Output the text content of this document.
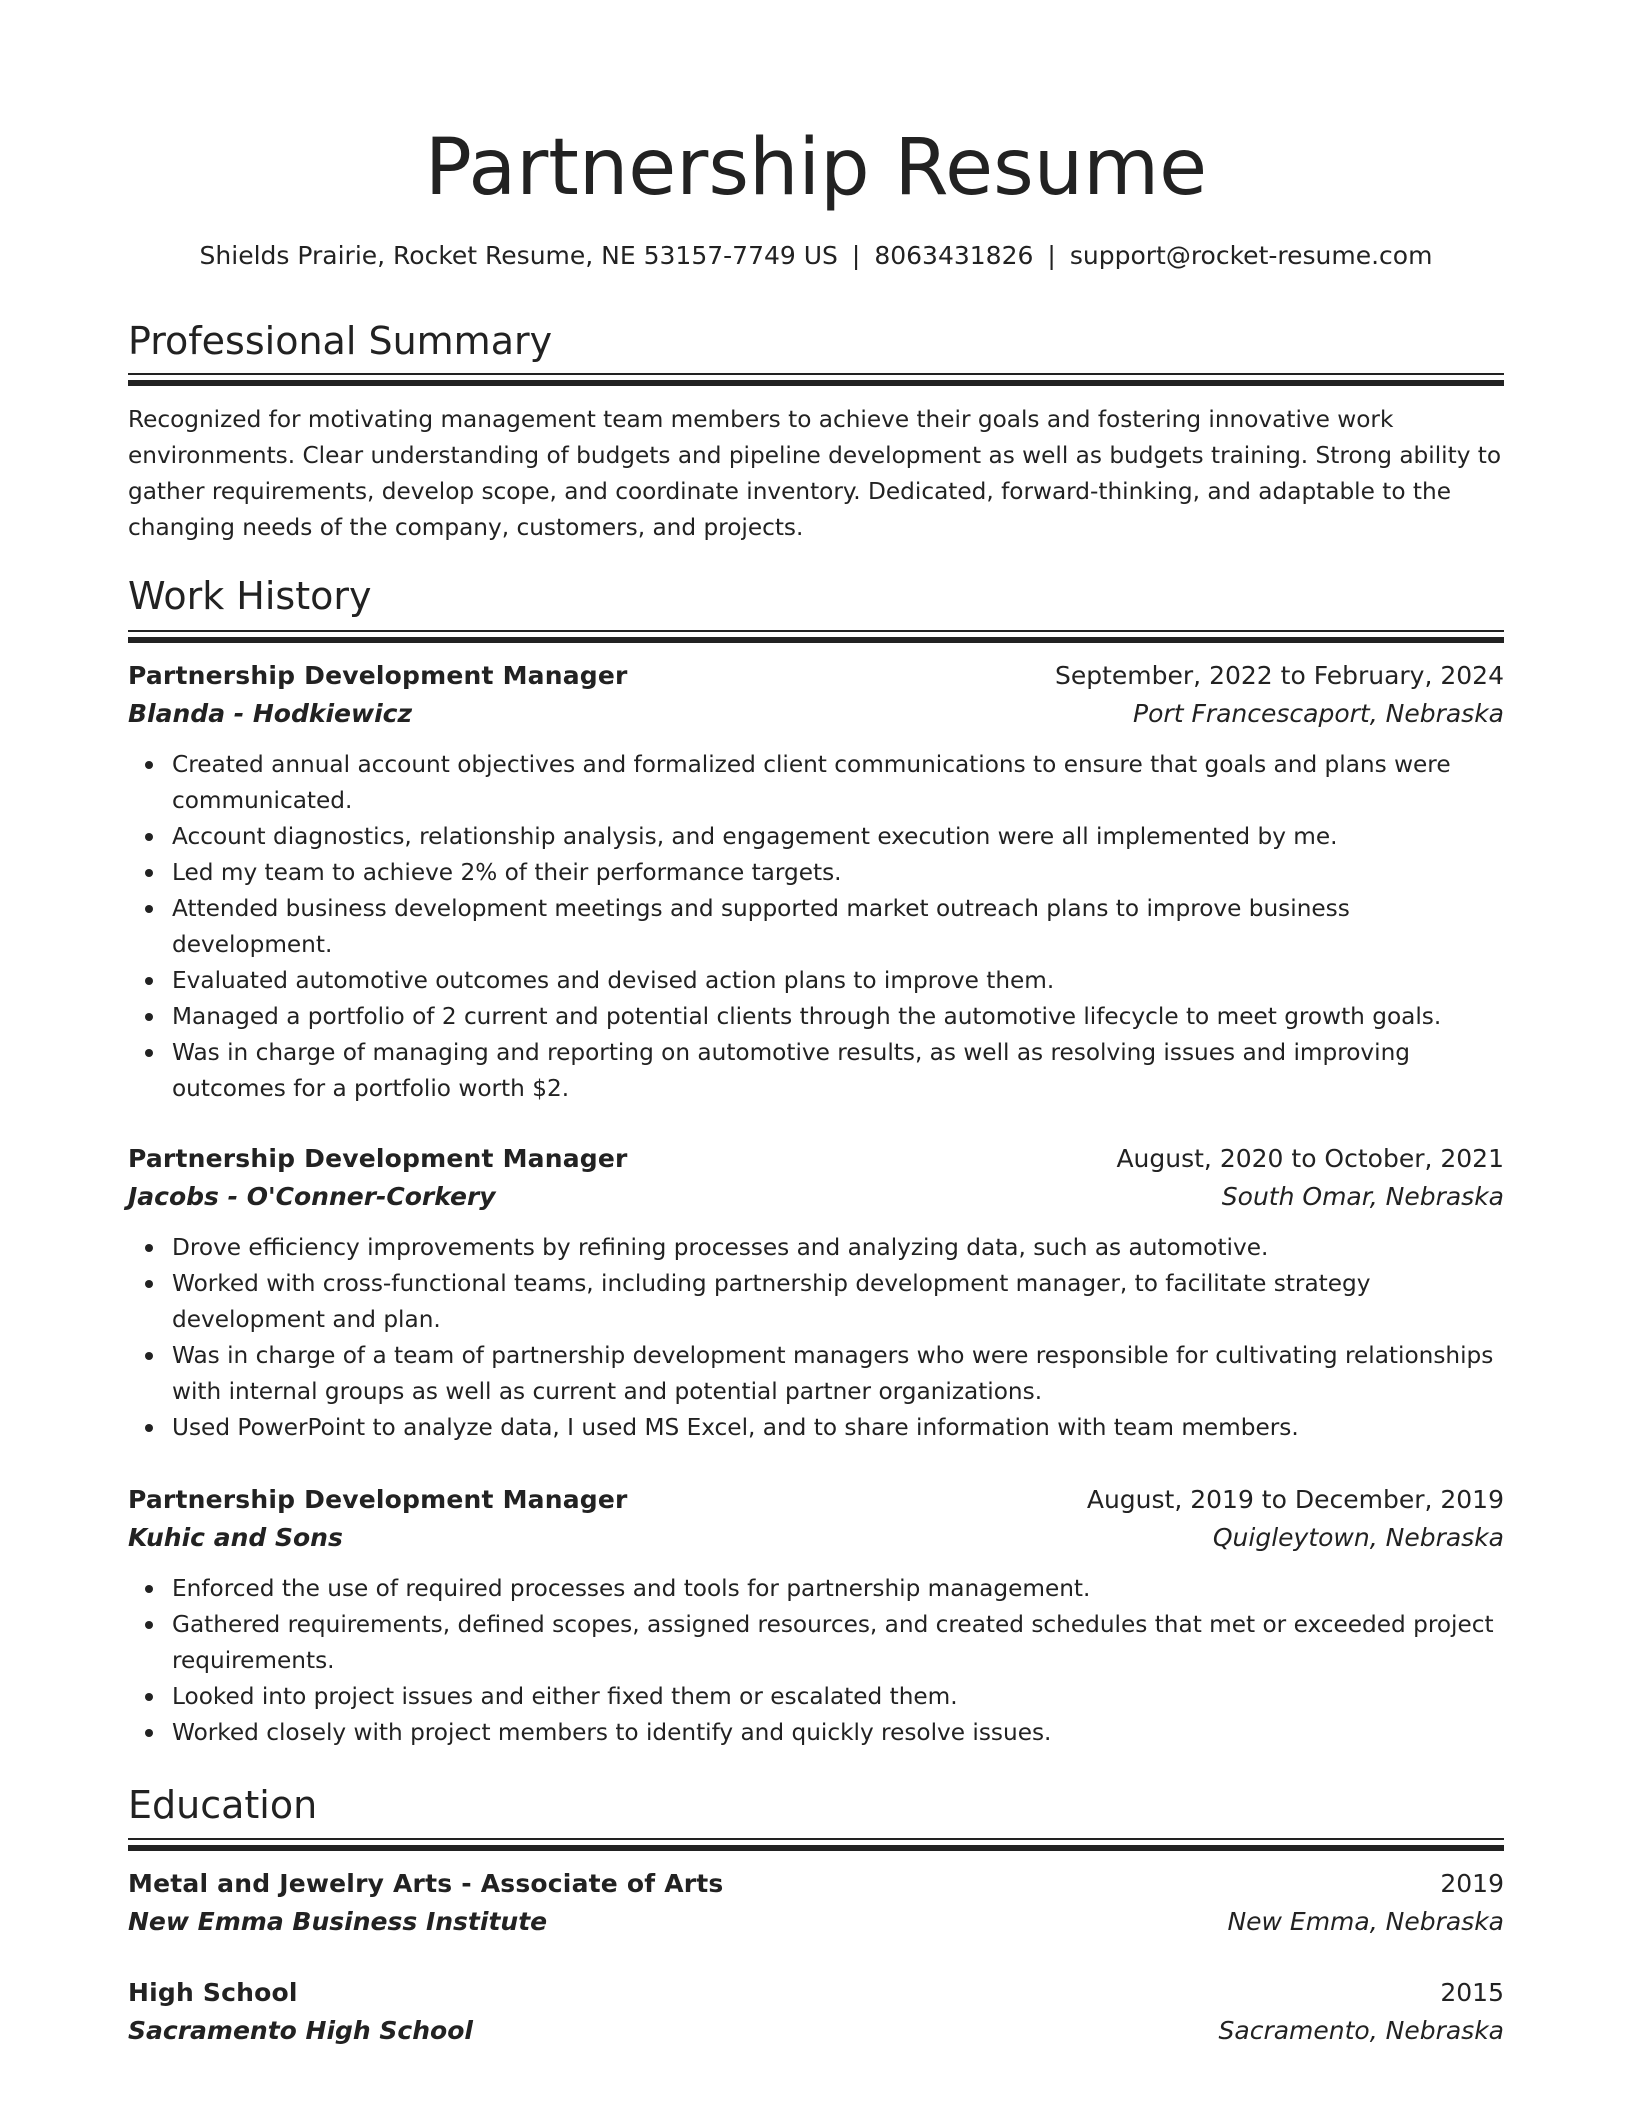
Partnership Resume
Shields Prairie, Rocket Resume, NE 53157-7749 US | 8063431826 | support@rocket-resume.com
Professional Summary

Recognized for motivating management team members to achieve their goals and fostering innovative work environments. Clear understanding of budgets and pipeline development as well as budgets training. Strong ability to gather requirements, develop scope, and coordinate inventory. Dedicated, forward-thinking, and adaptable to the changing needs of the company, customers, and projects.

Work History
Partnership Development Manager	September, 2022 to February, 2024
Blanda - Hodkiewicz	Port Francescaport, Nebraska
Created annual account objectives and formalized client communications to ensure that goals and plans were communicated.
Account diagnostics, relationship analysis, and engagement execution were all implemented by me.
Led my team to achieve 2% of their performance targets.
Attended business development meetings and supported market outreach plans to improve business development.
Evaluated automotive outcomes and devised action plans to improve them.
Managed a portfolio of 2 current and potential clients through the automotive lifecycle to meet growth goals.
Was in charge of managing and reporting on automotive results, as well as resolving issues and improving outcomes for a portfolio worth $2.
Partnership Development Manager	August, 2020 to October, 2021
Jacobs - O'Conner-Corkery	South Omar, Nebraska
Drove efficiency improvements by refining processes and analyzing data, such as automotive.
Worked with cross-functional teams, including partnership development manager, to facilitate strategy development and plan.
Was in charge of a team of partnership development managers who were responsible for cultivating relationships with internal groups as well as current and potential partner organizations.
Used PowerPoint to analyze data, I used MS Excel, and to share information with team members.
Partnership Development Manager	August, 2019 to December, 2019
Kuhic and Sons	Quigleytown, Nebraska
Enforced the use of required processes and tools for partnership management.
Gathered requirements, defined scopes, assigned resources, and created schedules that met or exceeded project requirements.
Looked into project issues and either fixed them or escalated them.
Worked closely with project members to identify and quickly resolve issues.
Education
Metal and Jewelry Arts - Associate of Arts	2019
New Emma Business Institute	New Emma, Nebraska
High School	2015
Sacramento High School	Sacramento, Nebraska
